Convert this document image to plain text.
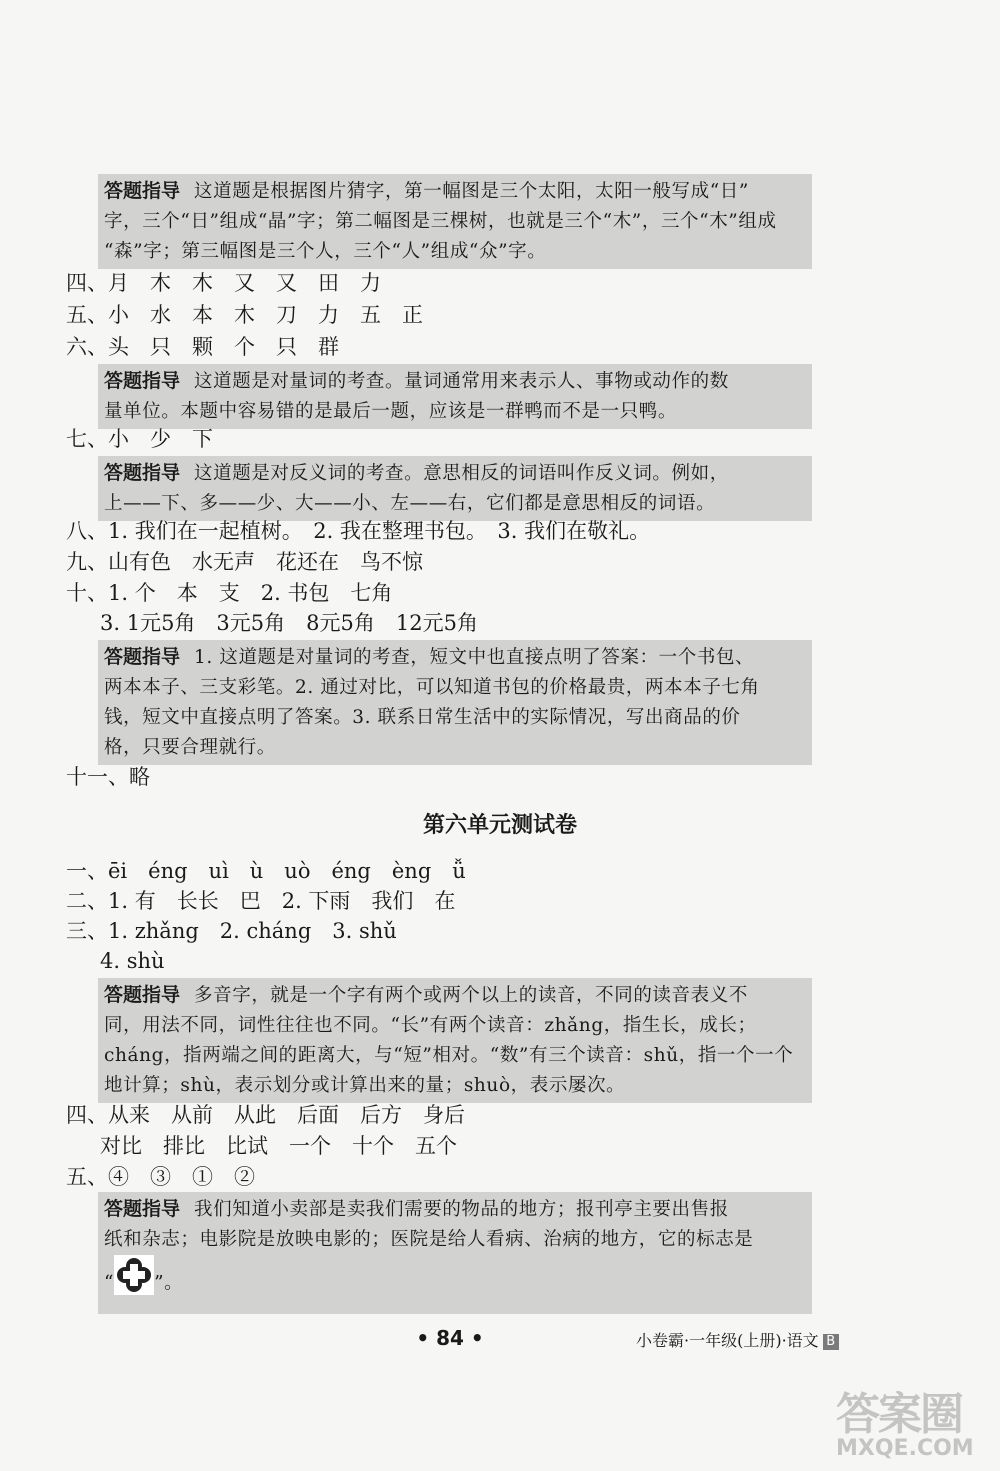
答题指导 这道题是根据图片猜字，第一幅图是三个太阳，太阳一般写成“日”
字，三个“日”组成“晶”字；第二幅图是三棵树，也就是三个“木”，三个“木”组成
“森”字；第三幅图是三个人，三个“人”组成“众”字。
四、月　木　木　又　又　田　力
五、小　水　本　木　刀　力　五　正
六、头　只　颗　个　只　群
答题指导 这道题是对量词的考查。量词通常用来表示人、事物或动作的数
量单位。本题中容易错的是最后一题，应该是一群鸭而不是一只鸭。
七、小　少　下
答题指导 这道题是对反义词的考查。意思相反的词语叫作反义词。例如，
上——下、多——少、大——小、左——右，它们都是意思相反的词语。
八、1. 我们在一起植树。　2. 我在整理书包。　3. 我们在敬礼。
九、山有色　水无声　花还在　鸟不惊
十、1. 个　本　支　2. 书包　七角
3. 1元5角　3元5角　8元5角　12元5角
答题指导 1. 这道题是对量词的考查，短文中也直接点明了答案：一个书包、
两本本子、三支彩笔。2. 通过对比，可以知道书包的价格最贵，两本本子七角
钱，短文中直接点明了答案。3. 联系日常生活中的实际情况，写出商品的价
格，只要合理就行。
十一、略
第六单元测试卷
一、ēi　éng　uì　ù　uò　éng　èng　ǚ
二、1. 有　长长　巴　2. 下雨　我们　在
三、1. zhǎng　2. cháng　3. shǔ
4. shù
答题指导 多音字，就是一个字有两个或两个以上的读音，不同的读音表义不
同，用法不同，词性往往也不同。“长”有两个读音：zhǎng，指生长，成长；
cháng，指两端之间的距离大，与“短”相对。“数”有三个读音：shǔ，指一个一个
地计算；shù，表示划分或计算出来的量；shuò，表示屡次。
四、从来　从前　从此　后面　后方　身后
对比　排比　比试　一个　十个　五个
五、④　③　①　②
答题指导 我们知道小卖部是卖我们需要的物品的地方；报刊亭主要出售报
纸和杂志；电影院是放映电影的；医院是给人看病、治病的地方，它的标志是
“ ”。
• 84 •	小卷霸·一年级(上册)·语文 B
答案圈
MXQE.COM
